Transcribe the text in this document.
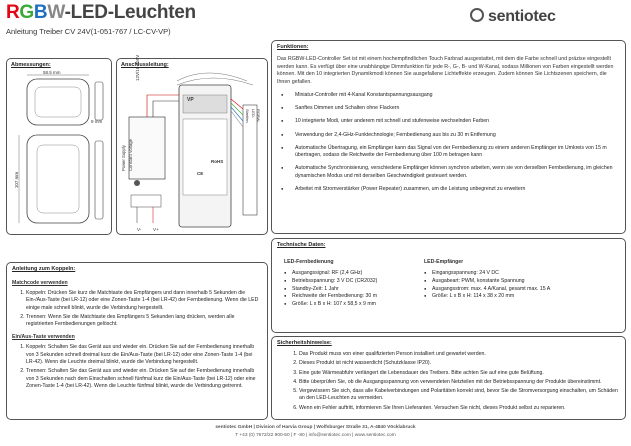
RGBW-LED-Leuchten
Anleitung Treiber CV 24V(1-051-767 / LC-CV-VP)
sentiotec
Abmessungen:
58.5 mm
107 mm
9 mm
Anschlussleitung:
12V/18-250V
Power Supply Constant Voltage
VP
RoHS
CE
RGBW-LED-Streifen
V-	V+
Funktionen:
Das RGBW-LED-Controller Set ist mit einem hochempfindlichen Touch Farbrad ausgestattet, mit dem die Farbe schnell und präzise eingestellt werden kann. Es verfügt über eine unabhängige Dimmfunktion für jede R-, G-, B- und W-Kanal, sodass Millionen von Farben eingestellt werden können. Mit den 10 integrierten Dynamikmodi können Sie ausgefallene Lichteffekte erzeugen. Zudem können Sie Lichtszenen speichern, die Ihnen gefallen.
● Miniatur-Controller mit 4-Kanal Konstantspannungsausgang
● Sanftes Dimmen und Schalten ohne Flackern
● 10 integrierte Modi, unter anderem mit schnell und stufenweise wechselnden Farben
● Verwendung der 2,4-GHz-Funktechnologie; Fernbedienung aus bis zu 30 m Entfernung
● Automatische Übertragung, ein Empfänger kann das Signal von der Fernbedienung zu einem anderen Empfänger im Umkreis von 15 m übertragen, sodass die Reichweite der Fernbedienung über 100 m betragen kann
● Automatische Synchronisierung, verschiedene Empfänger können synchron arbeiten, wenn sie von derselben Fernbedienung, im gleichen dynamischen Modus und mit derselben Geschwindigkeit gesteuert werden.
● Arbeitet mit Stromverstärker (Power Repeater) zusammen, um die Leistung unbegrenzt zu erweitern
Technische Daten:
LED-Fernbedienung
● Ausgangssignal: RF (2,4 GHz)
● Betriebsspannung: 3 V DC (CR2032)
● Standby-Zeit: 1 Jahr
● Reichweite der Fernbedienung: 30 m
● Größe: L x B x H: 107 x 58,5 x 9 mm
LED-Empfänger
● Eingangsspannung: 24 V DC
● Ausgabeart: PWM, konstante Spannung
● Ausgangsstrom: max. 4 A/Kanal, gesamt max. 15 A
● Größe: L x B x H: 114 x 38 x 20 mm
Anleitung zum Koppeln:
Matchcode verwenden
1. Koppeln: Drücken Sie kurz die Matchtaste des Empfängers und dann innerhalb 5 Sekunden die Ein-/Aus-Taste (bei LR-12) oder eine Zonen-Taste 1-4 (bei LR-42) der Fernbedienung. Wenn die LED einige male schnell blinkt, wurde die Verbindung hergestellt.
2. Trennen: Wenn Sie die Matchtaste des Empfängers 5 Sekunden lang drücken, werden alle registrierten Fernbedienungen gelöscht.
Ein/Aus-Taste verwenden
1. Koppeln: Schalten Sie das Gerät aus und wieder ein. Drücken Sie auf der Fernbedienung innerhalb von 3 Sekunden schnell dreimal kurz die Ein/Aus-Taste (bei LR-12) oder eine Zonen-Taste 1-4 (bei LR-42). Wenn die Leuchte dreimal blinkt, wurde die Verbindung hergestellt.
2. Trennen: Schalten Sie das Gerät aus und wieder ein. Drücken Sie auf der Fernbedienung innerhalb von 3 Sekunden nach dem Einschalten schnell fünfmal kurz die Ein/Aus-Taste (bei LR-12) oder eine Zonen-Taste 1-4 (bei LR-42). Wenn die Leuchte fünfmal blinkt, wurde die Verbindung getrennt.
Sicherheitshinweise:
1. Das Produkt muss von einer qualifizierten Person installiert und gewartet werden.
2. Dieses Produkt ist nicht wasserdicht (Schutzklasse IP20).
3. Eine gute Wärmeabfuhr verlängert die Lebensdauer des Treibers. Bitte achten Sie auf eine gute Belüftung.
4. Bitte überprüfen Sie, ob die Ausgangsspannung von verwendeten Netzteilen mit der Betriebsspannung der Produkte übereinstimmt.
5. Vergewissern Sie sich, dass alle Kabelverbindungen und Polaritäten korrekt sind, bevor Sie die Stromversorgung einschalten, um Schäden an den LED-Leuchten zu vermeiden.
6. Wenn ein Fehler auftritt, informieren Sie Ihren Lieferanten. Versuchen Sie nicht, dieses Produkt selbst zu reparieren.
sentiotec GmbH | Division of Harvia Group | Wolfsburger Straße 31, A-4840 Vöcklabruck
T +43 (0) 7672/22 900-50 | F -80 | info@sentiotec.com | www.sentiotec.com
